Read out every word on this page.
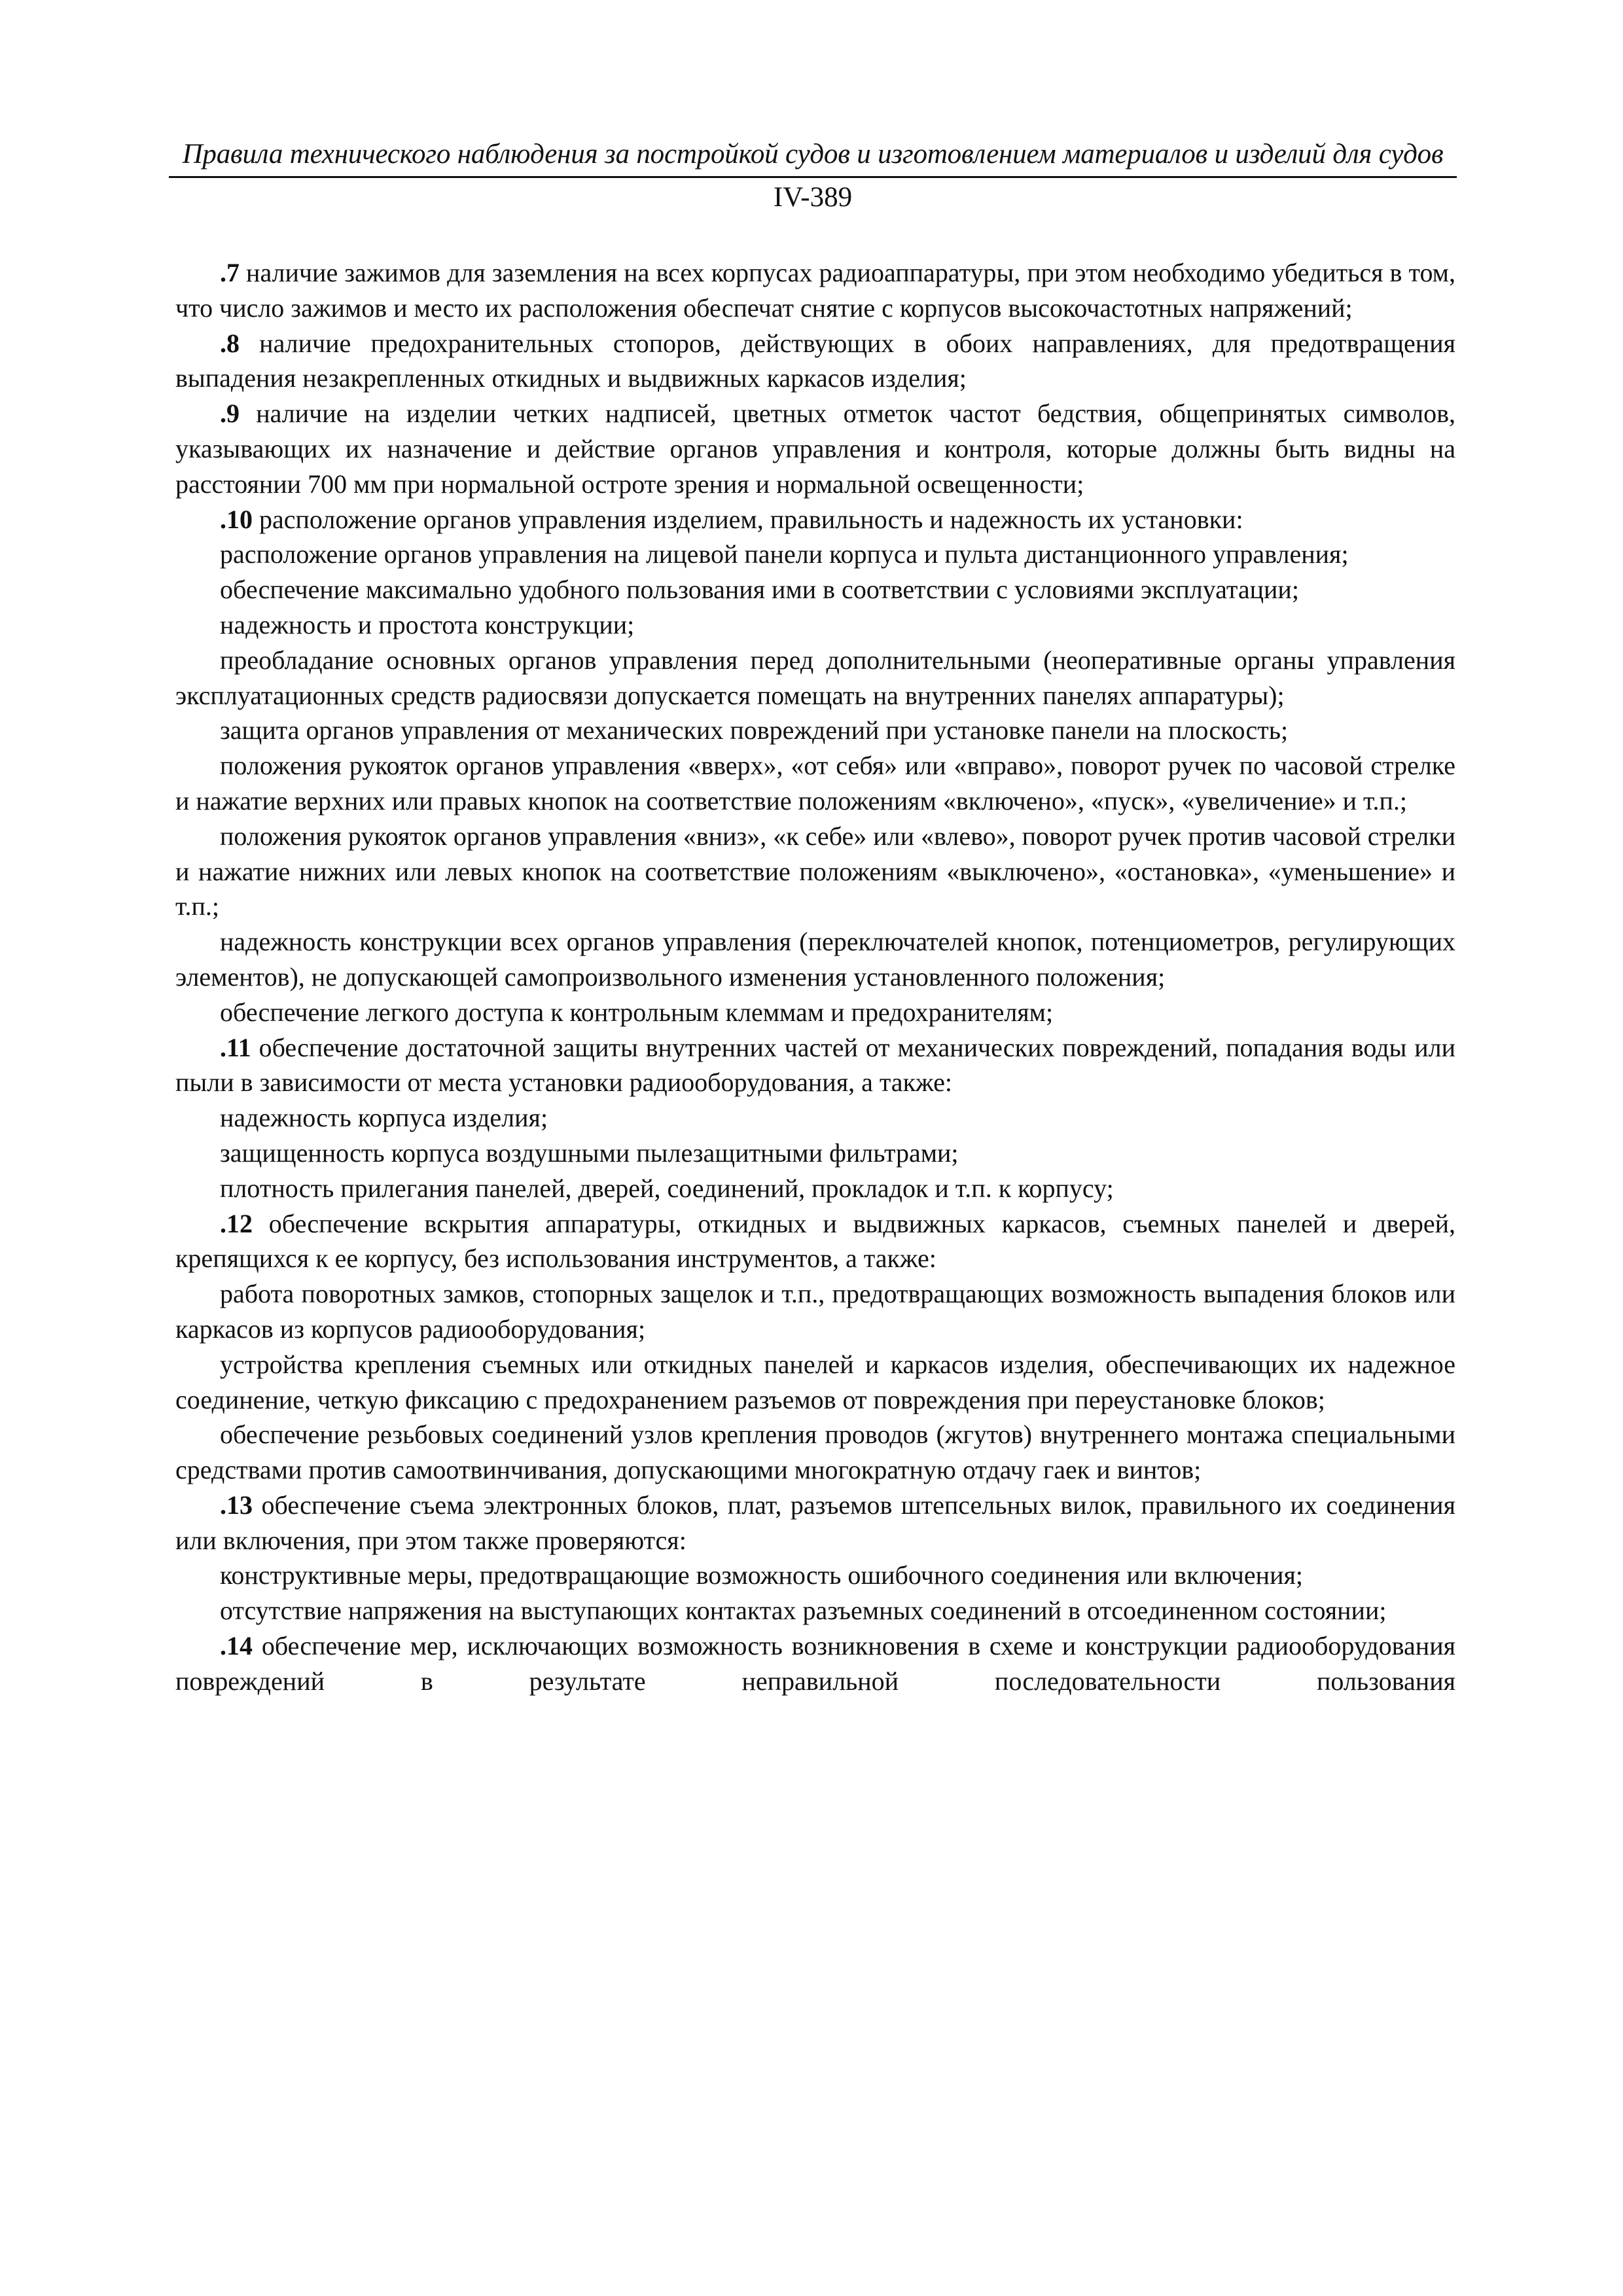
Правила технического наблюдения за постройкой судов и изготовлением материалов и изделий для судов
IV-389

.7 наличие зажимов для заземления на всех корпусах радиоаппаратуры, при этом необходимо убедиться в том, что число зажимов и место их расположения обеспечат снятие с корпусов высокочастотных напряжений;

.8 наличие предохранительных стопоров, действующих в обоих направлениях, для предотвращения выпадения незакрепленных откидных и выдвижных каркасов изделия;

.9 наличие на изделии четких надписей, цветных отметок частот бедствия, общепринятых символов, указывающих их назначение и действие органов управления и контроля, которые должны быть видны на расстоянии 700 мм при нормальной остроте зрения и нормальной освещенности;

.10 расположение органов управления изделием, правильность и надежность их установки:

расположение органов управления на лицевой панели корпуса и пульта дистанционного управления;

обеспечение максимально удобного пользования ими в соответствии с условиями эксплуатации;

надежность и простота конструкции;

преобладание основных органов управления перед дополнительными (неоперативные органы управления эксплуатационных средств радиосвязи допускается помещать на внутренних панелях аппаратуры);

защита органов управления от механических повреждений при установке панели на плоскость;

положения рукояток органов управления «вверх», «от себя» или «вправо», поворот ручек по часовой стрелке и нажатие верхних или правых кнопок на соответствие положениям «включено», «пуск», «увеличение» и т.п.;

положения рукояток органов управления «вниз», «к себе» или «влево», поворот ручек против часовой стрелки и нажатие нижних или левых кнопок на соответствие положениям «выключено», «остановка», «уменьшение» и т.п.;

надежность конструкции всех органов управления (переключателей кнопок, потенциометров, регулирующих элементов), не допускающей самопроизвольного изменения установленного положения;

обеспечение легкого доступа к контрольным клеммам и предохранителям;

.11 обеспечение достаточной защиты внутренних частей от механических повреждений, попадания воды или пыли в зависимости от места установки радиооборудования, а также:

надежность корпуса изделия;

защищенность корпуса воздушными пылезащитными фильтрами;

плотность прилегания панелей, дверей, соединений, прокладок и т.п. к корпусу;

.12 обеспечение вскрытия аппаратуры, откидных и выдвижных каркасов, съемных панелей и дверей, крепящихся к ее корпусу, без использования инструментов, а также:

работа поворотных замков, стопорных защелок и т.п., предотвращающих возможность выпадения блоков или каркасов из корпусов радиооборудования;

устройства крепления съемных или откидных панелей и каркасов изделия, обеспечивающих их надежное соединение, четкую фиксацию с предохранением разъемов от повреждения при переустановке блоков;

обеспечение резьбовых соединений узлов крепления проводов (жгутов) внутреннего монтажа специальными средствами против самоотвинчивания, допускающими многократную отдачу гаек и винтов;

.13 обеспечение съема электронных блоков, плат, разъемов штепсельных вилок, правильного их соединения или включения, при этом также проверяются:

конструктивные меры, предотвращающие возможность ошибочного соединения или включения;

отсутствие напряжения на выступающих контактах разъемных соединений в отсоединенном состоянии;

.14 обеспечение мер, исключающих возможность возникновения в схеме и конструкции радиооборудования повреждений в результате неправильной последовательности пользования
